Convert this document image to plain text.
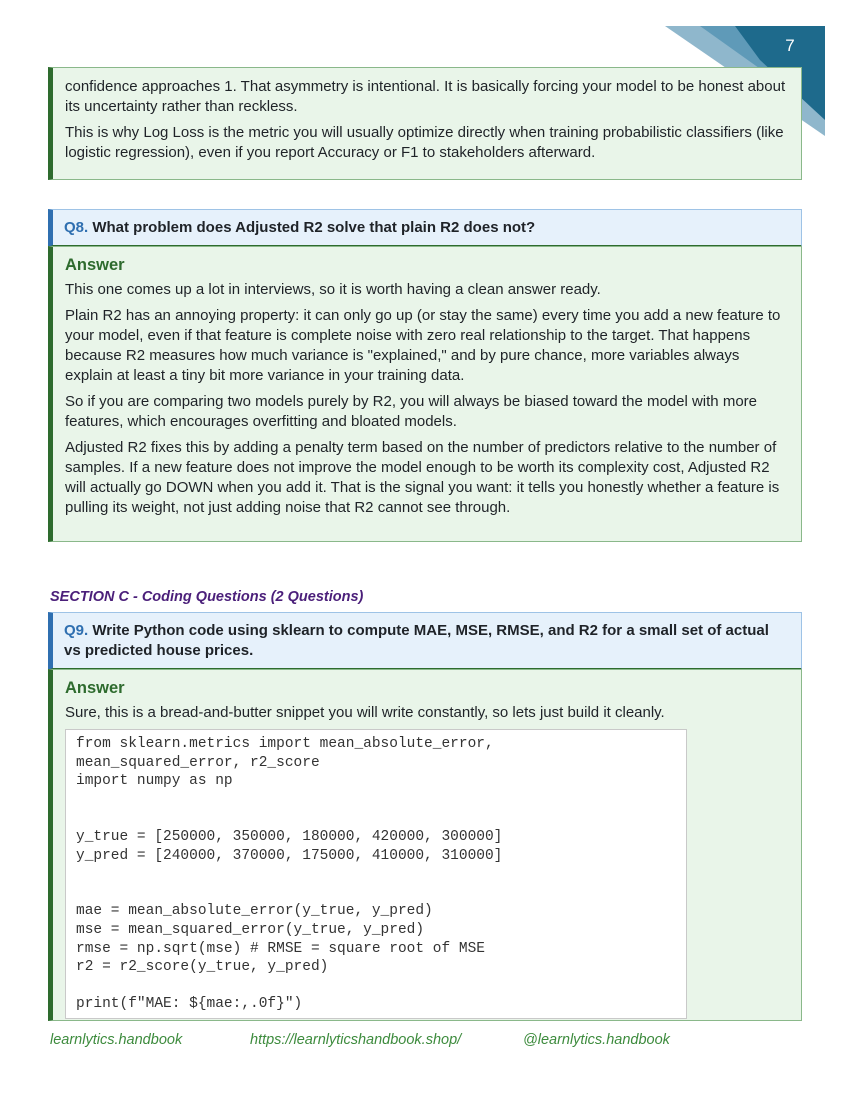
7

confidence approaches 1. That asymmetry is intentional. It is basically forcing your model to be honest about its uncertainty rather than reckless.

This is why Log Loss is the metric you will usually optimize directly when training probabilistic classifiers (like logistic regression), even if you report Accuracy or F1 to stakeholders afterward.

Q8. What problem does Adjusted R2 solve that plain R2 does not?
Answer

This one comes up a lot in interviews, so it is worth having a clean answer ready.

Plain R2 has an annoying property: it can only go up (or stay the same) every time you add a new feature to your model, even if that feature is complete noise with zero real relationship to the target. That happens because R2 measures how much variance is "explained," and by pure chance, more variables always explain at least a tiny bit more variance in your training data.

So if you are comparing two models purely by R2, you will always be biased toward the model with more features, which encourages overfitting and bloated models.

Adjusted R2 fixes this by adding a penalty term based on the number of predictors relative to the number of samples. If a new feature does not improve the model enough to be worth its complexity cost, Adjusted R2 will actually go DOWN when you add it. That is the signal you want: it tells you honestly whether a feature is pulling its weight, not just adding noise that R2 cannot see through.

SECTION C - Coding Questions (2 Questions)
Q9. Write Python code using sklearn to compute MAE, MSE, RMSE, and R2 for a small set of actual vs predicted house prices.
Answer

Sure, this is a bread-and-butter snippet you will write constantly, so lets just build it cleanly.

from sklearn.metrics import mean_absolute_error,
mean_squared_error, r2_score
import numpy as np
y_true = [250000, 350000, 180000, 420000, 300000]
y_pred = [240000, 370000, 175000, 410000, 310000]
mae = mean_absolute_error(y_true, y_pred)
mse = mean_squared_error(y_true, y_pred)
rmse = np.sqrt(mse) # RMSE = square root of MSE
r2 = r2_score(y_true, y_pred)
print(f"MAE: ${mae:,.0f}")
learnlytics.handbook	https://learnlyticshandbook.shop/	@learnlytics.handbook
